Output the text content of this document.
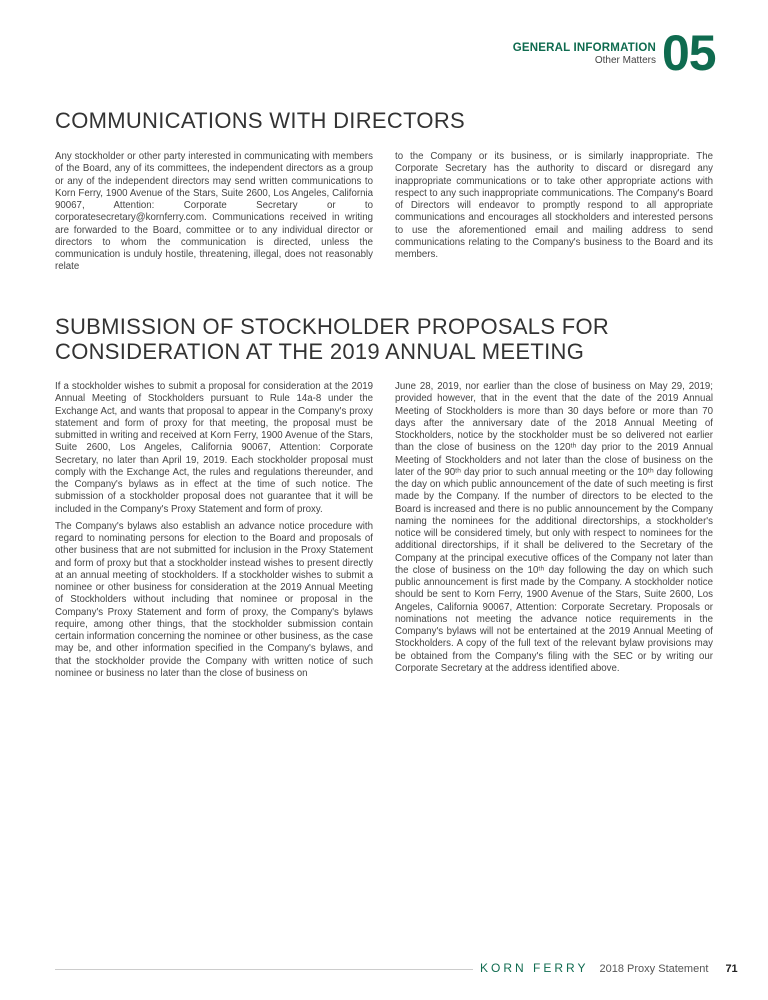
GENERAL INFORMATION
Other Matters 05
COMMUNICATIONS WITH DIRECTORS

Any stockholder or other party interested in communicating with members of the Board, any of its committees, the independent directors as a group or any of the independent directors may send written communications to Korn Ferry, 1900 Avenue of the Stars, Suite 2600, Los Angeles, California 90067, Attention: Corporate Secretary or to corporatesecretary@kornferry.com. Communications received in writing are forwarded to the Board, committee or to any individual director or directors to whom the communication is directed, unless the communication is unduly hostile, threatening, illegal, does not reasonably relate

to the Company or its business, or is similarly inappropriate. The Corporate Secretary has the authority to discard or disregard any inappropriate communications or to take other appropriate actions with respect to any such inappropriate communications. The Company's Board of Directors will endeavor to promptly respond to all appropriate communications and encourages all stockholders and interested persons to use the aforementioned email and mailing address to send communications relating to the Company's business to the Board and its members.

SUBMISSION OF STOCKHOLDER PROPOSALS FOR
CONSIDERATION AT THE 2019 ANNUAL MEETING

If a stockholder wishes to submit a proposal for consideration at the 2019 Annual Meeting of Stockholders pursuant to Rule 14a-8 under the Exchange Act, and wants that proposal to appear in the Company's proxy statement and form of proxy for that meeting, the proposal must be submitted in writing and received at Korn Ferry, 1900 Avenue of the Stars, Suite 2600, Los Angeles, California 90067, Attention: Corporate Secretary, no later than April 19, 2019. Each stockholder proposal must comply with the Exchange Act, the rules and regulations thereunder, and the Company's bylaws as in effect at the time of such notice. The submission of a stockholder proposal does not guarantee that it will be included in the Company's Proxy Statement and form of proxy.

The Company's bylaws also establish an advance notice procedure with regard to nominating persons for election to the Board and proposals of other business that are not submitted for inclusion in the Proxy Statement and form of proxy but that a stockholder instead wishes to present directly at an annual meeting of stockholders. If a stockholder wishes to submit a nominee or other business for consideration at the 2019 Annual Meeting of Stockholders without including that nominee or proposal in the Company's Proxy Statement and form of proxy, the Company's bylaws require, among other things, that the stockholder submission contain certain information concerning the nominee or other business, as the case may be, and other information specified in the Company's bylaws, and that the stockholder provide the Company with written notice of such nominee or business no later than the close of business on

June 28, 2019, nor earlier than the close of business on May 29, 2019; provided however, that in the event that the date of the 2019 Annual Meeting of Stockholders is more than 30 days before or more than 70 days after the anniversary date of the 2018 Annual Meeting of Stockholders, notice by the stockholder must be so delivered not earlier than the close of business on the 120ᵗʰ day prior to the 2019 Annual Meeting of Stockholders and not later than the close of business on the later of the 90ᵗʰ day prior to such annual meeting or the 10ᵗʰ day following the day on which public announcement of the date of such meeting is first made by the Company. If the number of directors to be elected to the Board is increased and there is no public announcement by the Company naming the nominees for the additional directorships, a stockholder's notice will be considered timely, but only with respect to nominees for the additional directorships, if it shall be delivered to the Secretary of the Company at the principal executive offices of the Company not later than the close of business on the 10ᵗʰ day following the day on which such public announcement is first made by the Company. A stockholder notice should be sent to Korn Ferry, 1900 Avenue of the Stars, Suite 2600, Los Angeles, California 90067, Attention: Corporate Secretary. Proposals or nominations not meeting the advance notice requirements in the Company's bylaws will not be entertained at the 2019 Annual Meeting of Stockholders. A copy of the full text of the relevant bylaw provisions may be obtained from the Company's filing with the SEC or by writing our Corporate Secretary at the address identified above.

KORN FERRY 2018 Proxy Statement 71
